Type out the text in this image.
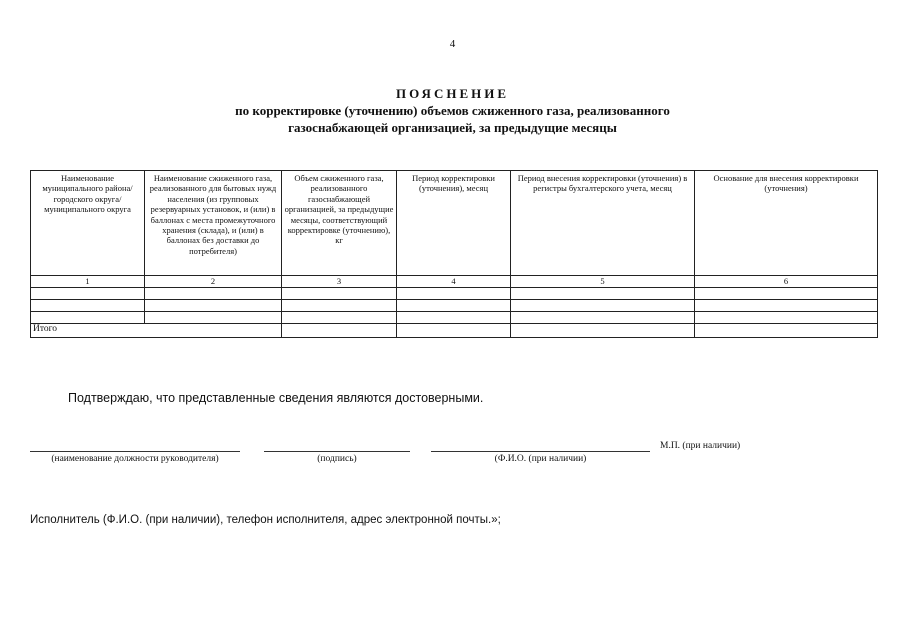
4
ПОЯСНЕНИЕ
по корректировке (уточнению) объемов сжиженного газа, реализованного
газоснабжающей организацией, за предыдущие месяцы
Наименование муниципального района/ городского округа/ муниципального округа	Наименование сжиженного газа, реализованного для бытовых нужд населения (из групповых резервуарных установок, и (или) в баллонах с места промежуточного хранения (склада), и (или) в баллонах без доставки до потребителя)	Объем сжиженного газа, реализованного газоснабжающей организацией, за предыдущие месяцы, соответствующий корректировке (уточнению), кг	Период корректировки (уточнения), месяц	Период внесения корректировки (уточнения) в регистры бухгалтерского учета, месяц	Основание для внесения корректировки (уточнения)
1	2	3	4	5	6

Итого					
Подтверждаю, что представленные сведения являются достоверными.
(наименование должности руководителя)	(подпись)	(Ф.И.О. (при наличии)
М.П. (при наличии)
Исполнитель (Ф.И.О. (при наличии), телефон исполнителя, адрес электронной почты.»;
